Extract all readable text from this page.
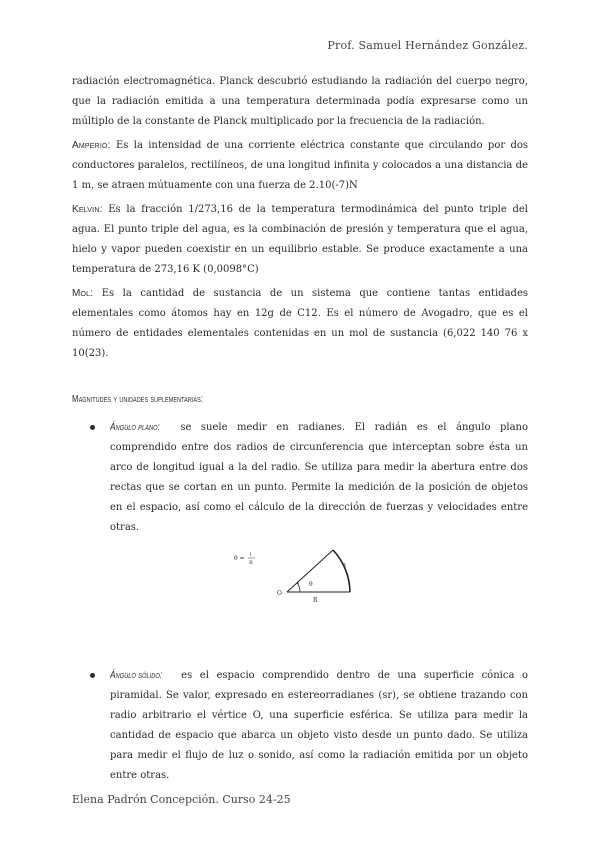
Prof. Samuel Hernández González.

radiación electromagnética. Planck descubrió estudiando la radiación del cuerpo negro, que la radiación emitida a una temperatura determinada podía expresarse como un múltiplo de la constante de Planck multiplicado por la frecuencia de la radiación.

Amperio: Es la intensidad de una corriente eléctrica constante que circulando por dos conductores paralelos, rectilíneos, de una longitud infinita y colocados a una distancia de 1 m, se atraen mútuamente con una fuerza de 2.10(-7)N

Kelvin: Es la fracción 1/273,16 de la temperatura termodinámica del punto triple del agua. El punto triple del agua, es la combinación de presión y temperatura que el agua, hielo y vapor pueden coexistir en un equilibrio estable. Se produce exactamente a una temperatura de 273,16 K (0,0098°C)

Mol: Es la cantidad de sustancia de un sistema que contiene tantas entidades elementales como átomos hay en 12g de C12. Es el número de Avogadro, que es el número de entidades elementales contenidas en un mol de sustancia (6,022 140 76 x 10(23).

Magnitudes y unidades suplementarias:
Ángulo plano: se suele medir en radianes. El radián es el ángulo plano comprendido entre dos radios de circunferencia que interceptan sobre ésta un arco de longitud igual a la del radio. Se utiliza para medir la abertura entre dos rectas que se cortan en un punto. Permite la medición de la posición de objetos en el espacio, así como el cálculo de la dirección de fuerzas y velocidades entre otras.
θ = l
R
O
θ
l
R
Ángulo sólido: es el espacio comprendido dentro de una superficie cónica o piramidal. Se valor, expresado en estereorradianes (sr), se obtiene trazando con radio arbitrario el vértice O, una superficie esférica. Se utiliza para medir la cantidad de espacio que abarca un objeto visto desde un punto dado. Se utiliza para medir el flujo de luz o sonido, así como la radiación emitida por un objeto entre otras.
Elena Padrón Concepción. Curso 24-25
